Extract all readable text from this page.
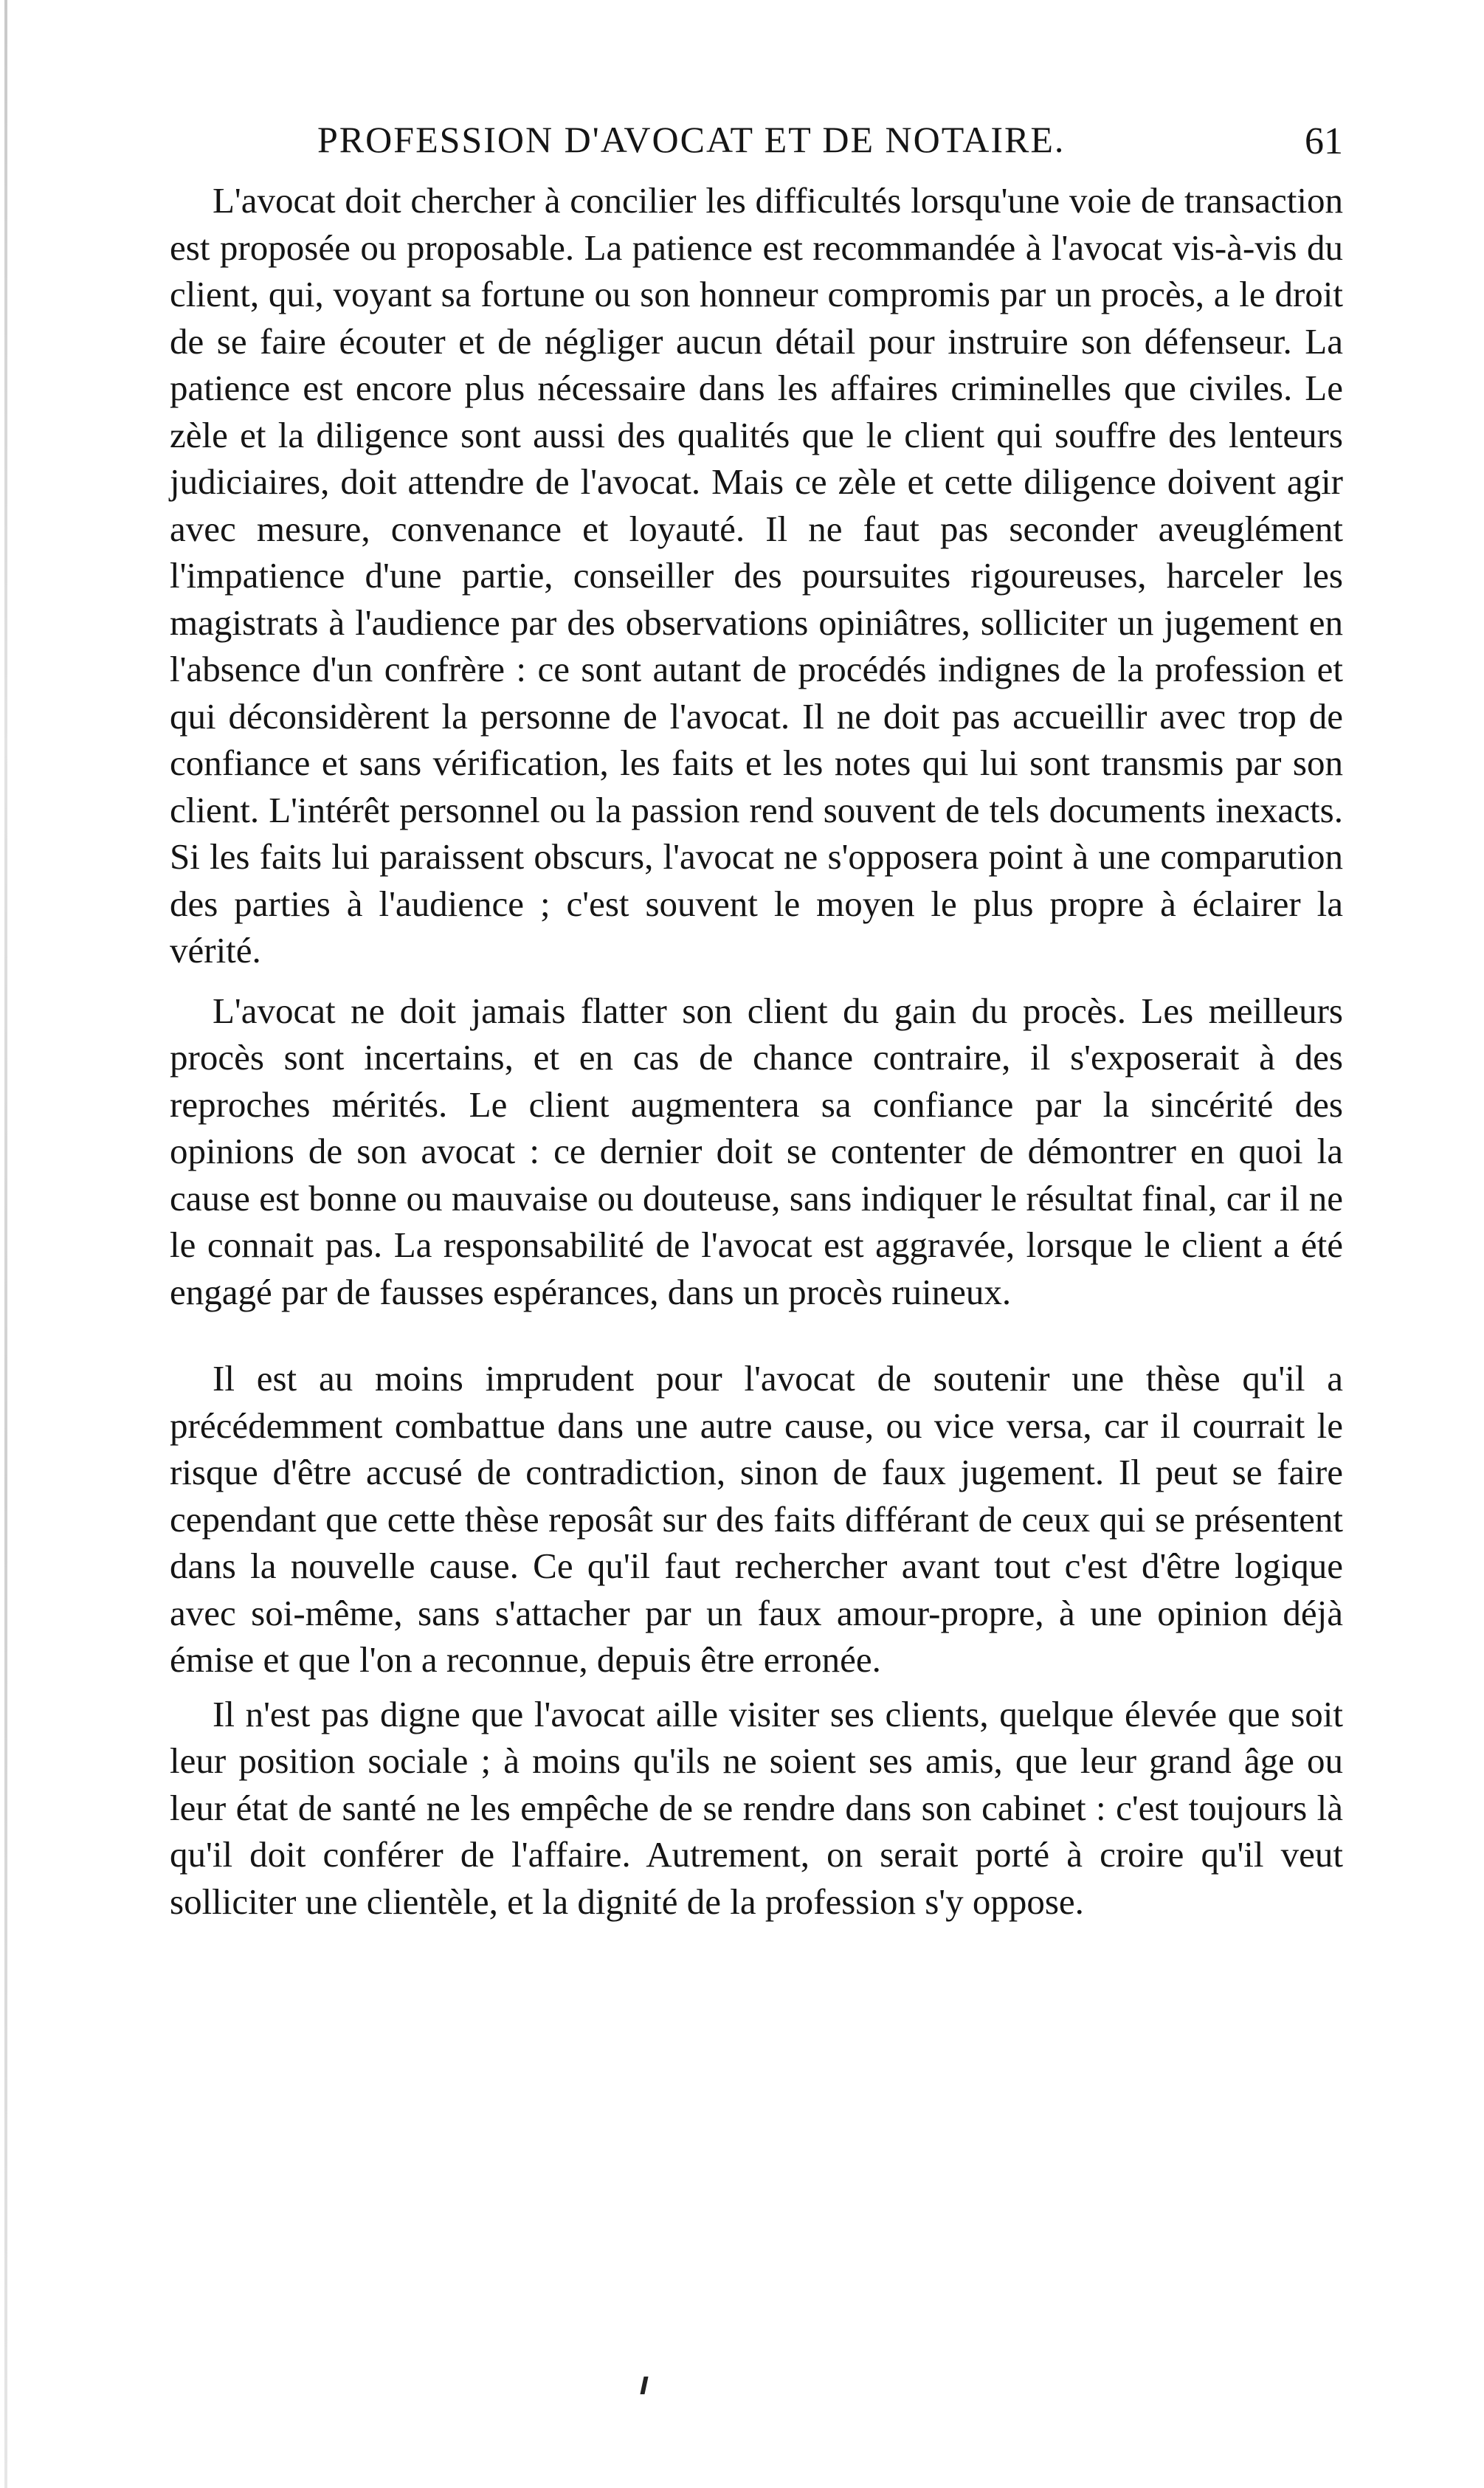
PROFESSION D'AVOCAT ET DE NOTAIRE.	61

L'avocat doit chercher à concilier les difficultés lorsqu'une voie de transaction est proposée ou proposable. La patience est recommandée à l'avocat vis-à-vis du client, qui, voyant sa fortune ou son honneur compromis par un procès, a le droit de se faire écouter et de négliger aucun détail pour instruire son défenseur. La patience est encore plus nécessaire dans les affaires criminelles que civiles. Le zèle et la diligence sont aussi des qualités que le client qui souffre des lenteurs judiciaires, doit attendre de l'avocat. Mais ce zèle et cette diligence doivent agir avec mesure, convenance et loyauté. Il ne faut pas seconder aveuglément l'impatience d'une partie, conseiller des poursuites rigoureuses, harceler les magistrats à l'audience par des observations opiniâtres, solliciter un jugement en l'absence d'un confrère : ce sont autant de procédés indignes de la profession et qui déconsidèrent la personne de l'avocat. Il ne doit pas accueillir avec trop de confiance et sans vérification, les faits et les notes qui lui sont transmis par son client. L'intérêt personnel ou la passion rend souvent de tels documents inexacts. Si les faits lui paraissent obscurs, l'avocat ne s'opposera point à une comparution des parties à l'audience ; c'est souvent le moyen le plus propre à éclairer la vérité.

L'avocat ne doit jamais flatter son client du gain du procès. Les meilleurs procès sont incertains, et en cas de chance contraire, il s'exposerait à des reproches mérités. Le client augmentera sa confiance par la sincérité des opinions de son avocat : ce dernier doit se contenter de démontrer en quoi la cause est bonne ou mauvaise ou douteuse, sans indiquer le résultat final, car il ne le connait pas. La responsabilité de l'avocat est aggravée, lorsque le client a été engagé par de fausses espérances, dans un procès ruineux.

Il est au moins imprudent pour l'avocat de soutenir une thèse qu'il a précédemment combattue dans une autre cause, ou vice versa, car il courrait le risque d'être accusé de contradiction, sinon de faux jugement. Il peut se faire cependant que cette thèse reposât sur des faits différant de ceux qui se présentent dans la nouvelle cause. Ce qu'il faut rechercher avant tout c'est d'être logique avec soi-même, sans s'attacher par un faux amour-propre, à une opinion déjà émise et que l'on a reconnue, depuis être erronée.

Il n'est pas digne que l'avocat aille visiter ses clients, quelque élevée que soit leur position sociale ; à moins qu'ils ne soient ses amis, que leur grand âge ou leur état de santé ne les empêche de se rendre dans son cabinet : c'est toujours là qu'il doit conférer de l'affaire. Autrement, on serait porté à croire qu'il veut solliciter une clientèle, et la dignité de la profession s'y oppose.
